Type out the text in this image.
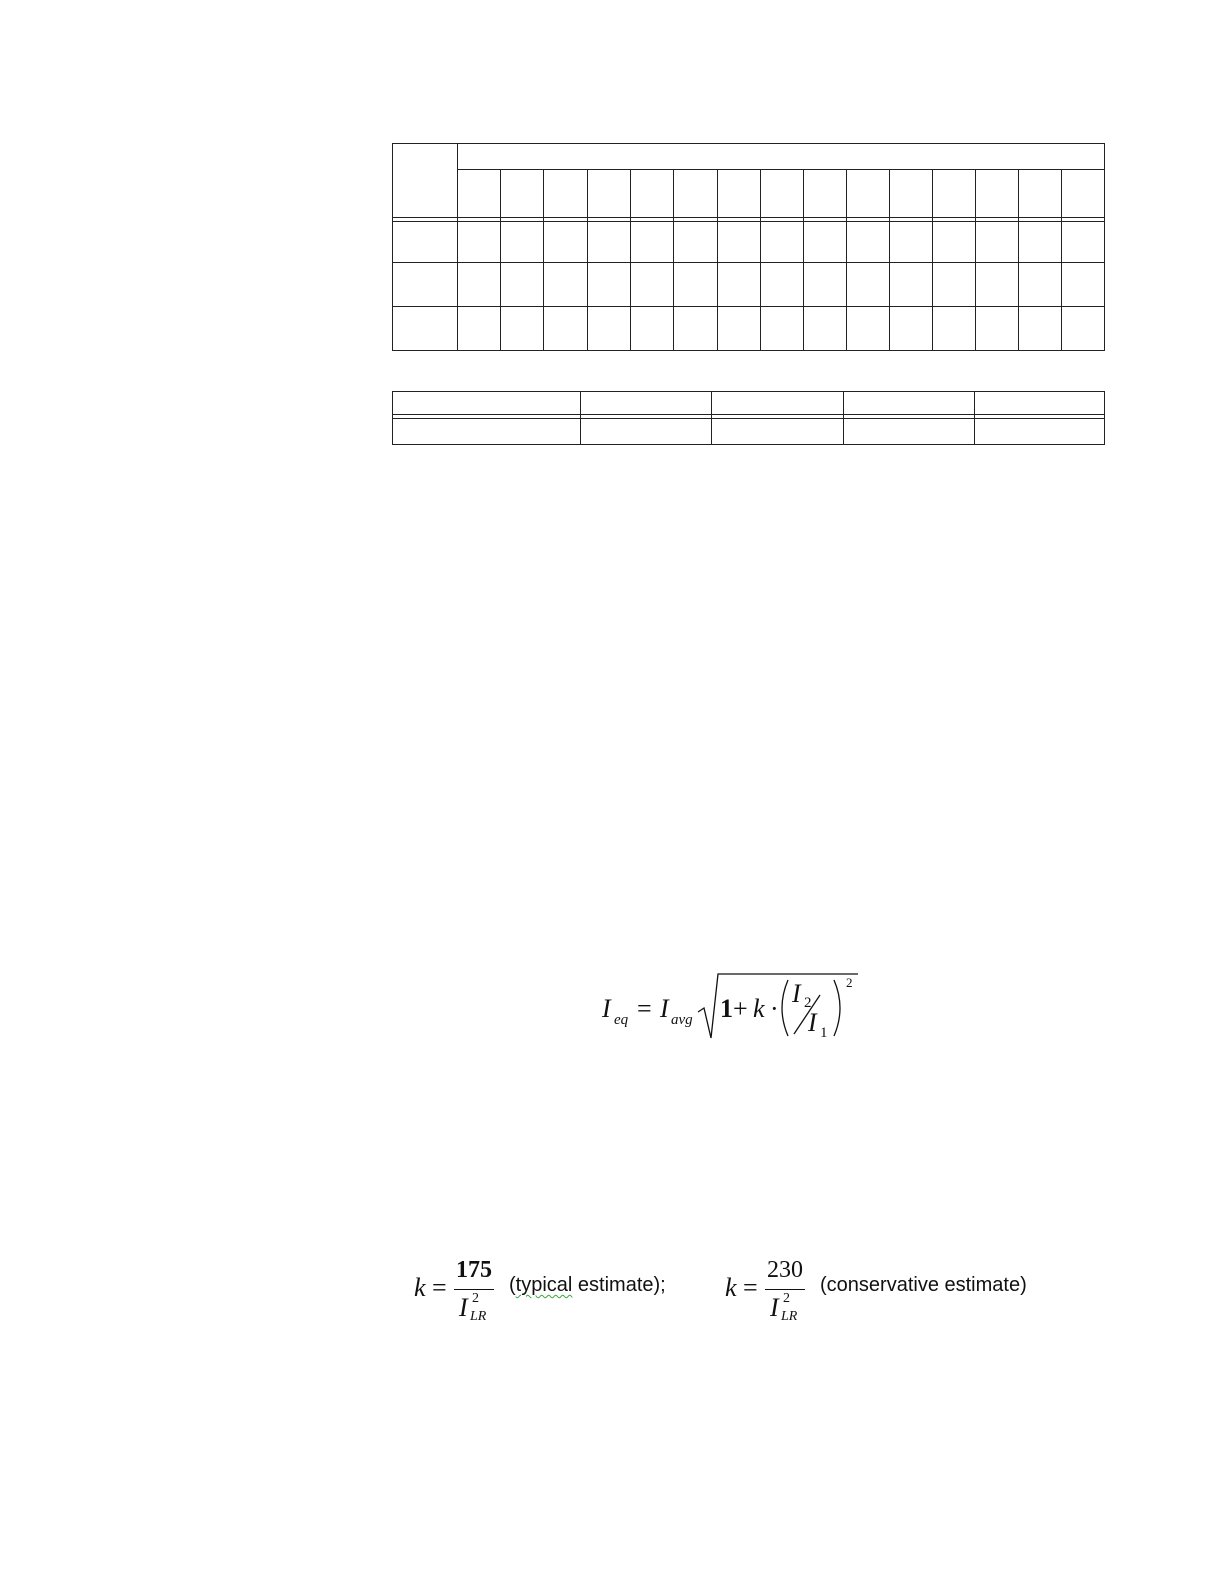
I eq = I avg 1 + k ·
I 2
I 1
2
k =
175
I 2
LR
(typical estimate); k =
230
I 2
LR
(conservative estimate)
